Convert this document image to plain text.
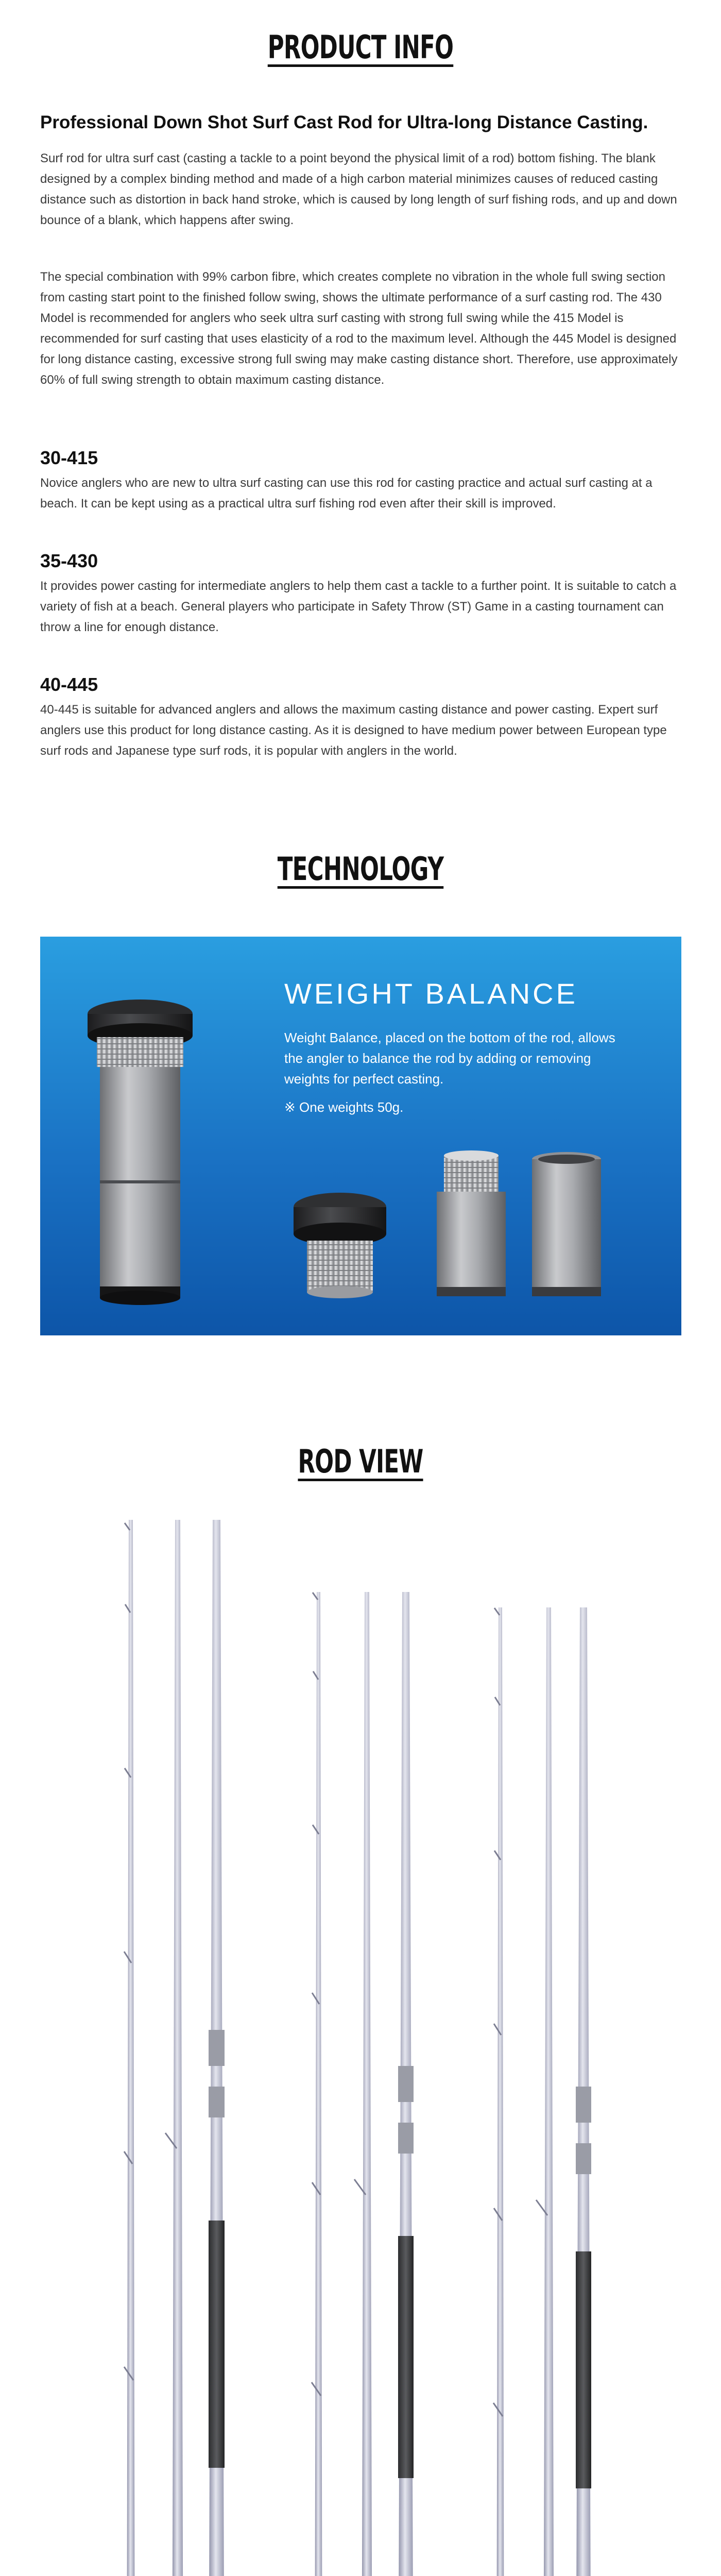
PRODUCT INFO
Professional Down Shot Surf Cast Rod for Ultra-long Distance Casting.
Surf rod for ultra surf cast (casting a tackle to a point beyond the physical limit of a rod) bottom fishing. The blank designed by a complex binding method and made of a high carbon material minimizes causes of reduced casting distance such as distortion in back hand stroke, which is caused by long length of surf fishing rods, and up and down bounce of a blank, which happens after swing.
The special combination with 99% carbon fibre, which creates complete no vibration in the whole full swing section from casting start point to the finished follow swing, shows the ultimate performance of a surf casting rod. The 430 Model is recommended for anglers who seek ultra surf casting with strong full swing while the 415 Model is recommended for surf casting that uses elasticity of a rod to the maximum level. Although the 445 Model is designed for long distance casting, excessive strong full swing may make casting distance short. Therefore, use approximately 60% of full swing strength to obtain maximum casting distance.
30-415
Novice anglers who are new to ultra surf casting can use this rod for casting practice and actual surf casting at a beach. It can be kept using as a practical ultra surf fishing rod even after their skill is improved.
35-430
It provides power casting for intermediate anglers to help them cast a tackle to a further point. It is suitable to catch a variety of fish at a beach. General players who participate in Safety Throw (ST) Game in a casting tournament can throw a line for enough distance.
40-445
40-445 is suitable for advanced anglers and allows the maximum casting distance and power casting. Expert surf anglers use this product for long distance casting. As it is designed to have medium power between European type surf rods and Japanese type surf rods, it is popular with anglers in the world.
TECHNOLOGY
WEIGHT BALANCE
Weight Balance, placed on the bottom of the rod, allows the angler to balance the rod by adding or removing weights for perfect casting.
※ One weights 50g.
ROD VIEW
